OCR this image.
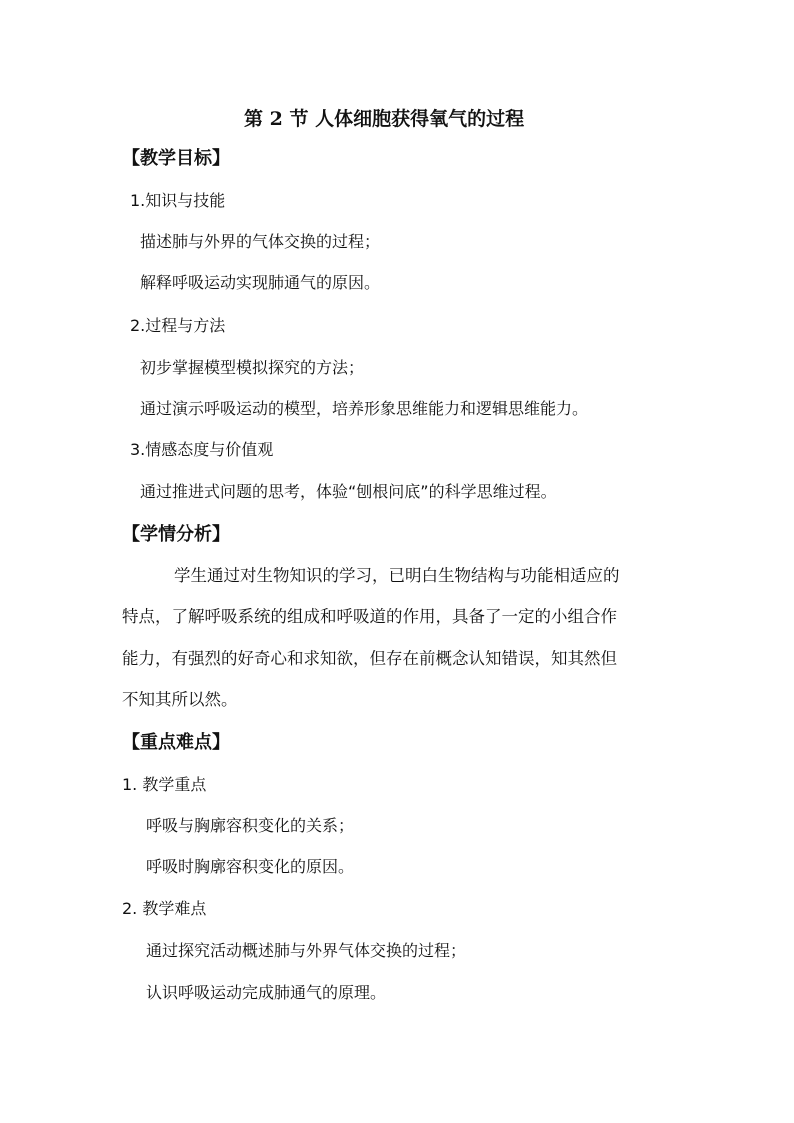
第 2 节 人体细胞获得氧气的过程
【教学目标】
1.知识与技能
描述肺与外界的气体交换的过程；
解释呼吸运动实现肺通气的原因。
2.过程与方法
初步掌握模型模拟探究的方法；
通过演示呼吸运动的模型，培养形象思维能力和逻辑思维能力。
3.情感态度与价值观
通过推进式问题的思考，体验“刨根问底”的科学思维过程。
【学情分析】
学生通过对生物知识的学习，已明白生物结构与功能相适应的
特点，了解呼吸系统的组成和呼吸道的作用，具备了一定的小组合作
能力，有强烈的好奇心和求知欲，但存在前概念认知错误，知其然但
不知其所以然。
【重点难点】
1. 教学重点
呼吸与胸廓容积变化的关系；
呼吸时胸廓容积变化的原因。
2. 教学难点
通过探究活动概述肺与外界气体交换的过程；
认识呼吸运动完成肺通气的原理。
